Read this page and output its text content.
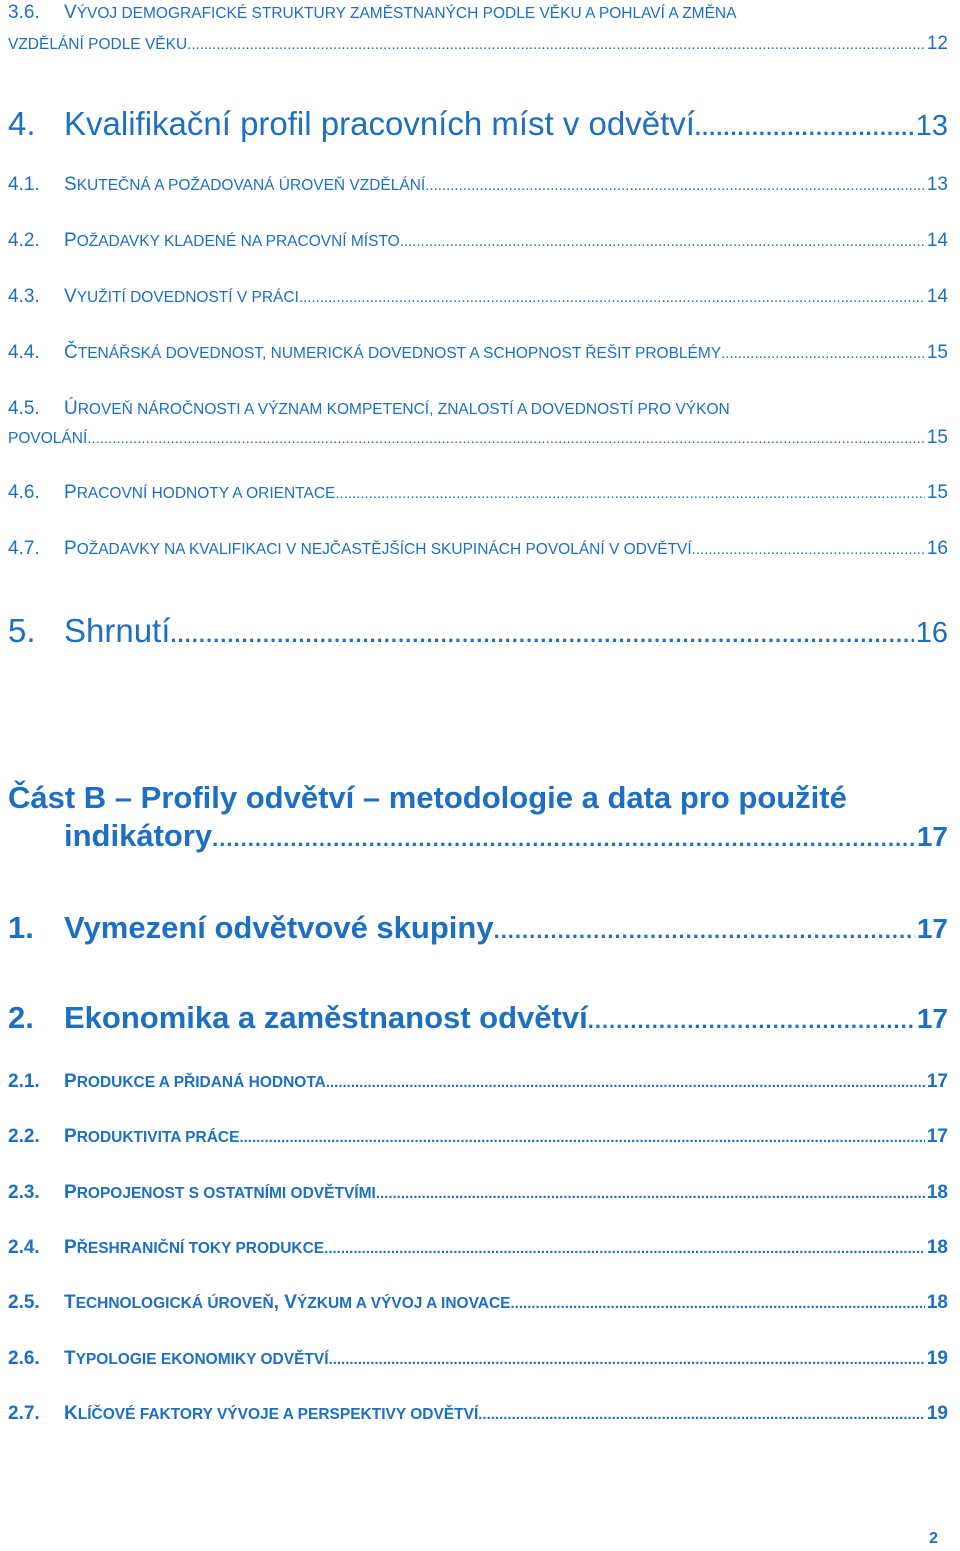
3.6.	VÝVOJ DEMOGRAFICKÉ STRUKTURY ZAMĚSTNANÝCH PODLE VĚKU A POHLAVÍ A ZMĚNA
VZDĚLÁNÍ PODLE VĚKU .....	12
4. Kvalifikační profil pracovních míst v odvětví .....	13
4.1.	SKUTEČNÁ A POŽADOVANÁ ÚROVEŇ VZDĚLÁNÍ .....	13
4.2.	POŽADAVKY KLADENÉ NA PRACOVNÍ MÍSTO .....	14
4.3.	VYUŽITÍ DOVEDNOSTÍ V PRÁCI .....	14
4.4.	ČTENÁŘSKÁ DOVEDNOST, NUMERICKÁ DOVEDNOST A SCHOPNOST ŘEŠIT PROBLÉMY .....	15
4.5.	ÚROVEŇ NÁROČNOSTI A VÝZNAM KOMPETENCÍ, ZNALOSTÍ A DOVEDNOSTÍ PRO VÝKON
POVOLÁNÍ .....	15
4.6.	PRACOVNÍ HODNOTY A ORIENTACE .....	15
4.7.	POŽADAVKY NA KVALIFIKACI V NEJČASTĚJŠÍCH SKUPINÁCH POVOLÁNÍ V ODVĚTVÍ .....	16
5. Shrnutí .....	16
Část B – Profily odvětví – metodologie a data pro použité
indikátory .....	17
1. Vymezení odvětvové skupiny .....	17
2. Ekonomika a zaměstnanost odvětví .....	17
2.1.	PRODUKCE A PŘIDANÁ HODNOTA .....	17
2.2.	PRODUKTIVITA PRÁCE .....	17
2.3.	PROPOJENOST S OSTATNÍMI ODVĚTVÍMI .....	18
2.4.	PŘESHRANIČNÍ TOKY PRODUKCE .....	18
2.5.	TECHNOLOGICKÁ ÚROVEŇ, VÝZKUM A VÝVOJ A INOVACE .....	18
2.6.	TYPOLOGIE EKONOMIKY ODVĚTVÍ .....	19
2.7.	KLÍČOVÉ FAKTORY VÝVOJE A PERSPEKTIVY ODVĚTVÍ .....	19
2
